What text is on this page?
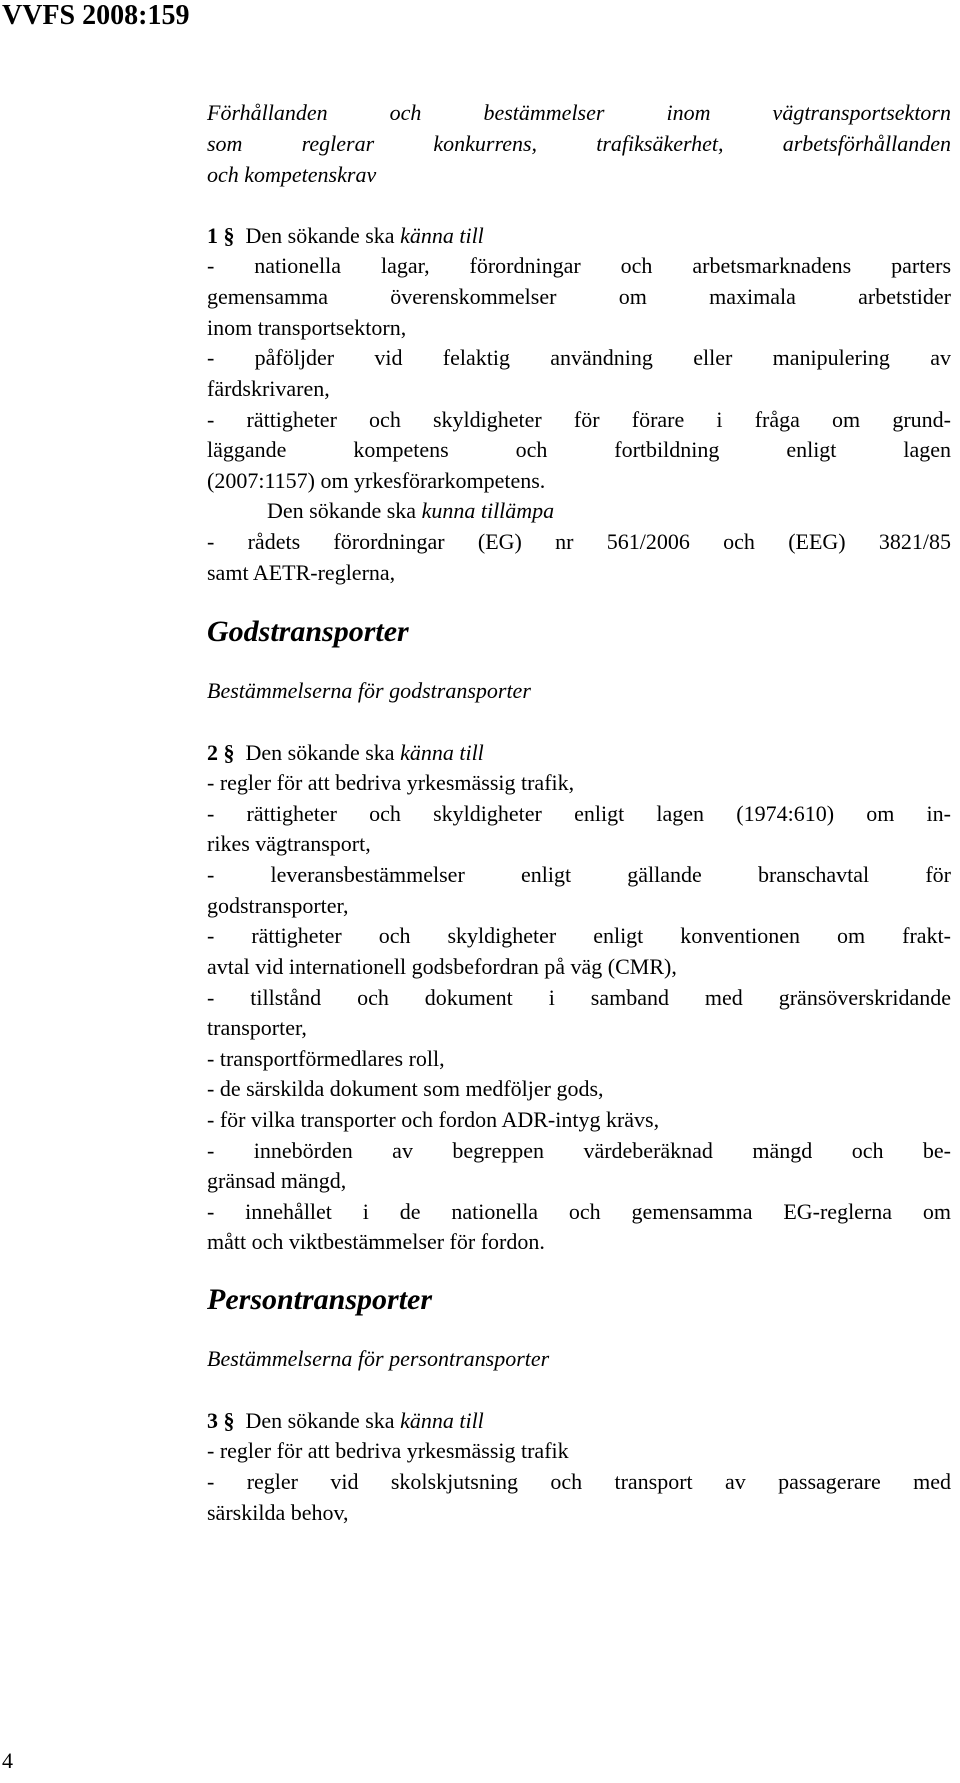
VVFS 2008:159
Förhållanden och bestämmelser inom vägtransportsektorn
som reglerar konkurrens, trafiksäkerhet, arbetsförhållanden
och kompetenskrav
1 § Den sökande ska känna till
- nationella lagar, förordningar och arbetsmarknadens parters
gemensamma överenskommelser om maximala arbetstider
inom transportsektorn,
- påföljder vid felaktig användning eller manipulering av
färdskrivaren,
- rättigheter och skyldigheter för förare i fråga om grund-
läggande kompetens och fortbildning enligt lagen
(2007:1157) om yrkesförarkompetens.
Den sökande ska kunna tillämpa
- rådets förordningar (EG) nr 561/2006 och (EEG) 3821/85
samt AETR-reglerna,
Godstransporter
Bestämmelserna för godstransporter
2 § Den sökande ska känna till
- regler för att bedriva yrkesmässig trafik,
- rättigheter och skyldigheter enligt lagen (1974:610) om in-
rikes vägtransport,
- leveransbestämmelser enligt gällande branschavtal för
godstransporter,
- rättigheter och skyldigheter enligt konventionen om frakt-
avtal vid internationell godsbefordran på väg (CMR),
- tillstånd och dokument i samband med gränsöverskridande
transporter,
- transportförmedlares roll,
- de särskilda dokument som medföljer gods,
- för vilka transporter och fordon ADR-intyg krävs,
- innebörden av begreppen värdeberäknad mängd och be-
gränsad mängd,
- innehållet i de nationella och gemensamma EG-reglerna om
mått och viktbestämmelser för fordon.
Persontransporter
Bestämmelserna för persontransporter
3 § Den sökande ska känna till
- regler för att bedriva yrkesmässig trafik
- regler vid skolskjutsning och transport av passagerare med
särskilda behov,
4
